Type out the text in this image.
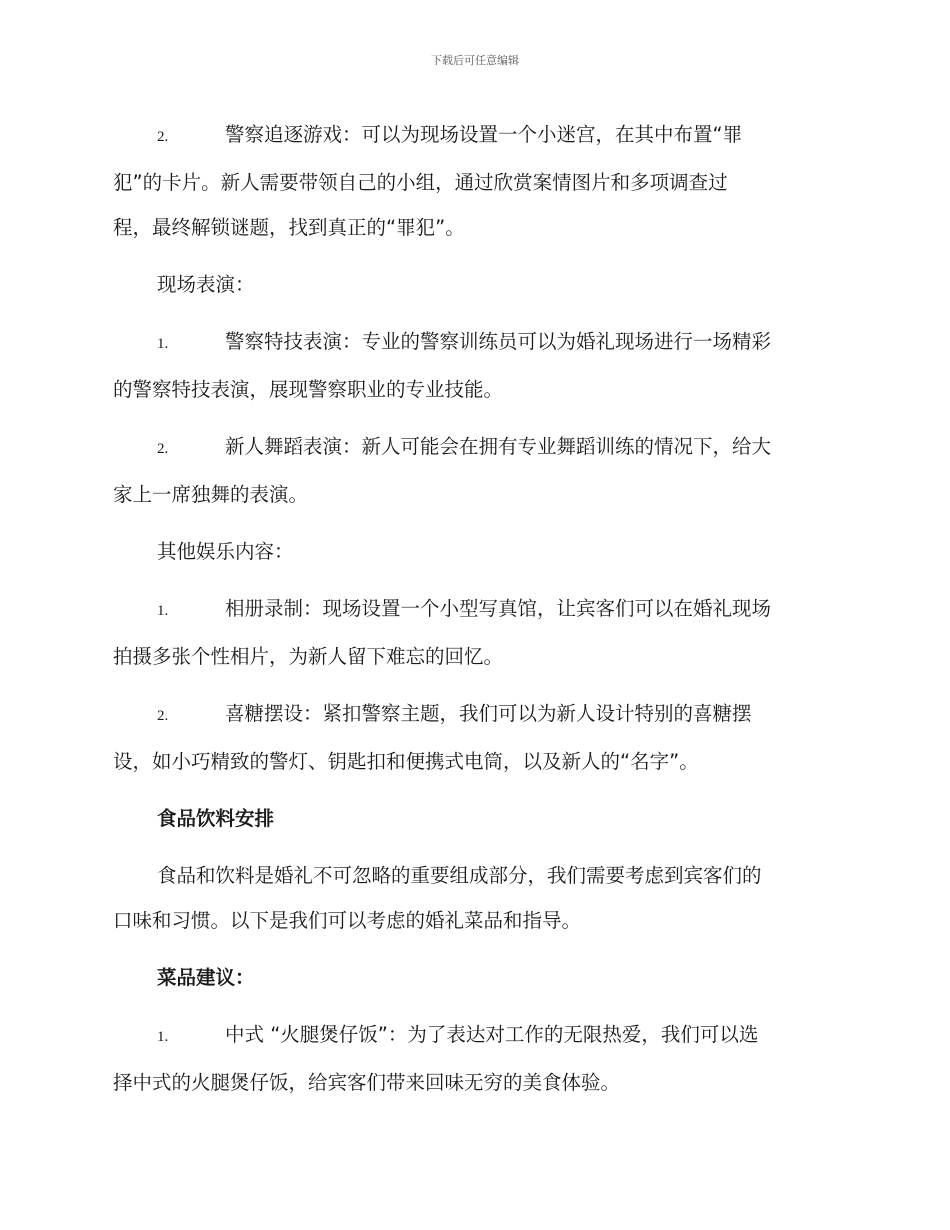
下载后可任意编辑
2.	警察追逐游戏：可以为现场设置一个小迷宫，在其中布置“罪
犯”的卡片。新人需要带领自己的小组，通过欣赏案情图片和多项调查过
程，最终解锁谜题，找到真正的“罪犯”。
现场表演：
1.	警察特技表演：专业的警察训练员可以为婚礼现场进行一场精彩
的警察特技表演，展现警察职业的专业技能。
2.	新人舞蹈表演：新人可能会在拥有专业舞蹈训练的情况下，给大
家上一席独舞的表演。
其他娱乐内容：
1.	相册录制：现场设置一个小型写真馆，让宾客们可以在婚礼现场
拍摄多张个性相片，为新人留下难忘的回忆。
2.	喜糖摆设：紧扣警察主题，我们可以为新人设计特别的喜糖摆
设，如小巧精致的警灯、钥匙扣和便携式电筒，以及新人的“名字”。
食品饮料安排
食品和饮料是婚礼不可忽略的重要组成部分，我们需要考虑到宾客们的
口味和习惯。以下是我们可以考虑的婚礼菜品和指导。
菜品建议：
1.	中式 “火腿煲仔饭”：为了表达对工作的无限热爱，我们可以选
择中式的火腿煲仔饭，给宾客们带来回味无穷的美食体验。
